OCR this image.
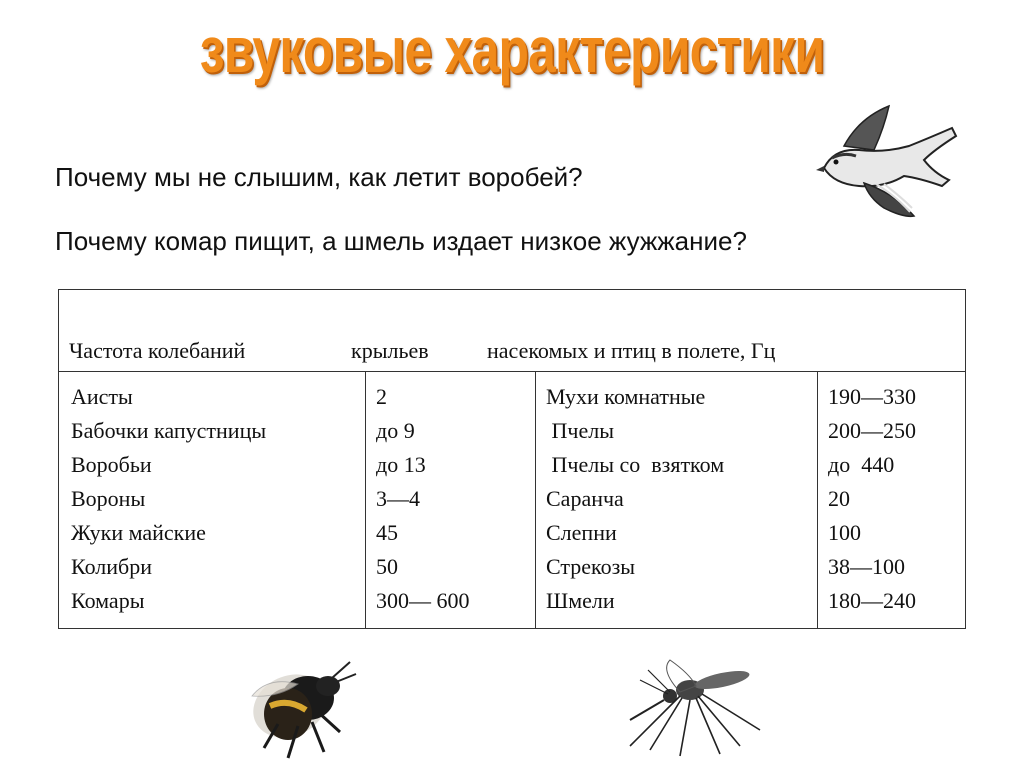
звуковые характеристики
Почему мы не слышим, как летит воробей?
Почему комар пищит, а шмель издает низкое жужжание?
Частота колебаний	крыльев	насекомых и птиц в полете, Гц
Аисты
Бабочки капустницы
Воробьи
Вороны
Жуки майские
Колибри
Комары
2
до 9
до 13
3—4
45
50
300— 600
Мухи комнатные
Пчелы
Пчелы со  взятком
Саранча
Слепни
Стрекозы
Шмели
190—330
200—250
до  440
20
100
38—100
180—240
